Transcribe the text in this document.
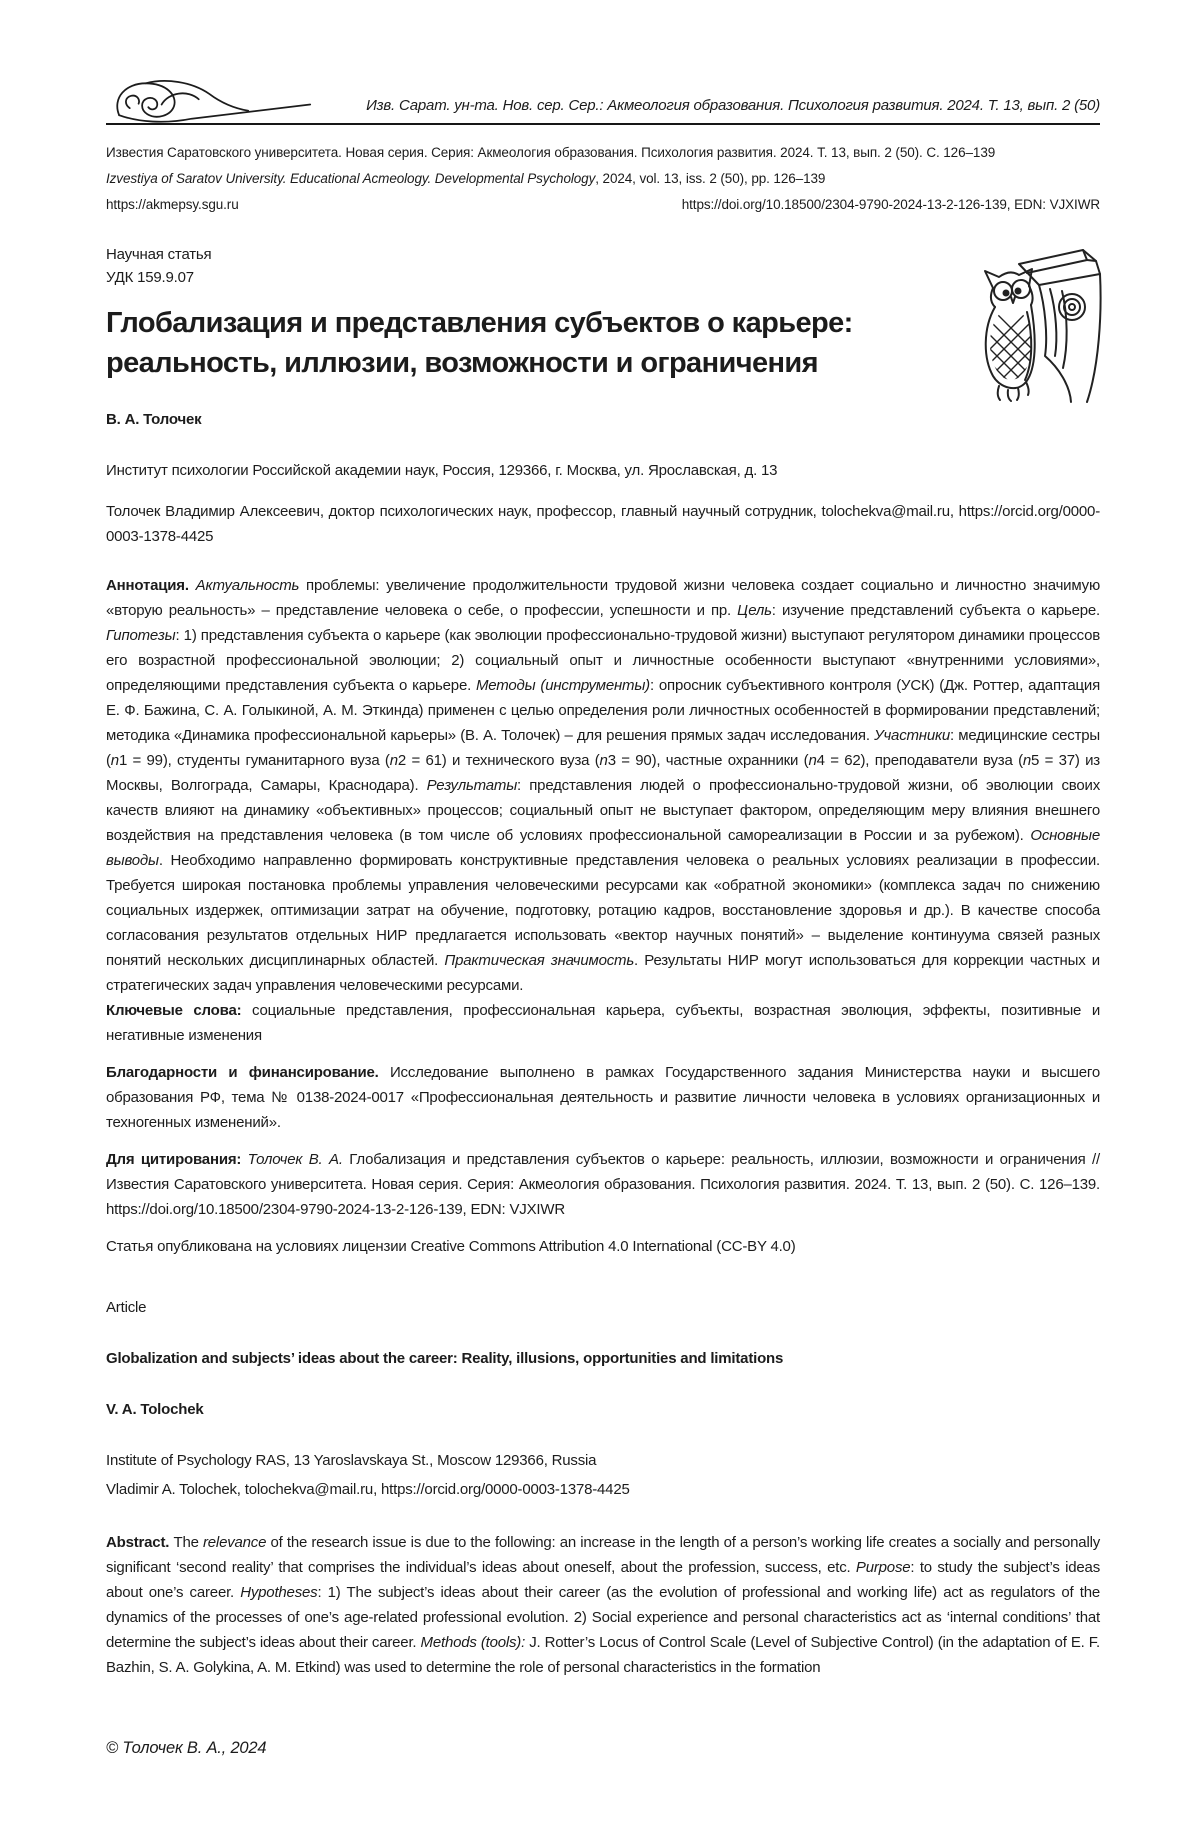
Изв. Сарат. ун-та. Нов. сер. Сер.: Акмеология образования. Психология развития. 2024. Т. 13, вып. 2 (50)

Известия Саратовского университета. Новая серия. Серия: Акмеология образования. Психология развития. 2024. Т. 13, вып. 2 (50). С. 126–139

Izvestiya of Saratov University. Educational Acmeology. Developmental Psychology, 2024, vol. 13, iss. 2 (50), pp. 126–139

https://akmepsy.sgu.ru	https://doi.org/10.18500/2304-9790-2024-13-2-126-139, EDN: VJXIWR

Научная статья

УДК 159.9.07

Глобализация и представления субъектов о карьере:
реальность, иллюзии, возможности и ограничения

В. А. Толочек

Институт психологии Российской академии наук, Россия, 129366, г. Москва, ул. Ярославская, д. 13

Толочек Владимир Алексеевич, доктор психологических наук, профессор, главный научный сотрудник, tolochekva@mail.ru, https://orcid.org/0000-0003-1378-4425

Аннотация. Актуальность проблемы: увеличение продолжительности трудовой жизни человека создает социально и личностно значимую «вторую реальность» – представление человека о себе, о профессии, успешности и пр. Цель: изучение представлений субъекта о карьере. Гипотезы: 1) представления субъекта о карьере (как эволюции профессионально-трудовой жизни) выступают регулятором динамики процессов его возрастной профессиональной эволюции; 2) социальный опыт и личностные особенности выступают «внутренними условиями», определяющими представления субъекта о карьере. Методы (инструменты): опросник субъективного контроля (УСК) (Дж. Роттер, адаптация Е. Ф. Бажина, С. А. Голыкиной, А. М. Эткинда) применен с целью определения роли личностных особенностей в формировании представлений; методика «Динамика профессиональной карьеры» (В. А. Толочек) – для решения прямых задач исследования. Участники: медицинские сестры (n1 = 99), студенты гуманитарного вуза (n2 = 61) и технического вуза (n3 = 90), частные охранники (n4 = 62), преподаватели вуза (n5 = 37) из Москвы, Волгограда, Самары, Краснодара). Результаты: представления людей о профессионально-трудовой жизни, об эволюции своих качеств влияют на динамику «объективных» процессов; социальный опыт не выступает фактором, определяющим меру влияния внешнего воздействия на представления человека (в том числе об условиях профессиональной самореализации в России и за рубежом). Основные выводы. Необходимо направленно формировать конструктивные представления человека о реальных условиях реализации в профессии. Требуется широкая постановка проблемы управления человеческими ресурсами как «обратной экономики» (комплекса задач по снижению социальных издержек, оптимизации затрат на обучение, подготовку, ротацию кадров, восстановление здоровья и др.). В качестве способа согласования результатов отдельных НИР предлагается использовать «вектор научных понятий» – выделение континуума связей разных понятий нескольких дисциплинарных областей. Практическая значимость. Результаты НИР могут использоваться для коррекции частных и стратегических задач управления человеческими ресурсами.

Ключевые слова: социальные представления, профессиональная карьера, субъекты, возрастная эволюция, эффекты, позитивные и негативные изменения

Благодарности и финансирование. Исследование выполнено в рамках Государственного задания Министерства науки и высшего образования РФ, тема № 0138-2024-0017 «Профессиональная деятельность и развитие личности человека в условиях организационных и техногенных изменений».

Для цитирования: Толочек В. А. Глобализация и представления субъектов о карьере: реальность, иллюзии, возможности и ограничения // Известия Саратовского университета. Новая серия. Серия: Акмеология образования. Психология развития. 2024. Т. 13, вып. 2 (50). С. 126–139. https://doi.org/10.18500/2304-9790-2024-13-2-126-139, EDN: VJXIWR

Статья опубликована на условиях лицензии Creative Commons Attribution 4.0 International (CC-BY 4.0)

Article

Globalization and subjects’ ideas about the career: Reality, illusions, opportunities and limitations

V. A. Tolochek

Institute of Psychology RAS, 13 Yaroslavskaya St., Moscow 129366, Russia

Vladimir A. Tolochek, tolochekva@mail.ru, https://orcid.org/0000-0003-1378-4425

Abstract. The relevance of the research issue is due to the following: an increase in the length of a person’s working life creates a socially and personally significant ‘second reality’ that comprises the individual’s ideas about oneself, about the profession, success, etc. Purpose: to study the subject’s ideas about one’s career. Hypotheses: 1) The subject’s ideas about their career (as the evolution of professional and working life) act as regulators of the dynamics of the processes of one’s age-related professional evolution. 2) Social experience and personal characteristics act as ‘internal conditions’ that determine the subject’s ideas about their career. Methods (tools): J. Rotter’s Locus of Control Scale (Level of Subjective Control) (in the adaptation of E. F. Bazhin, S. A. Golykina, A. M. Etkind) was used to determine the role of personal characteristics in the formation

© Толочек В. А., 2024
